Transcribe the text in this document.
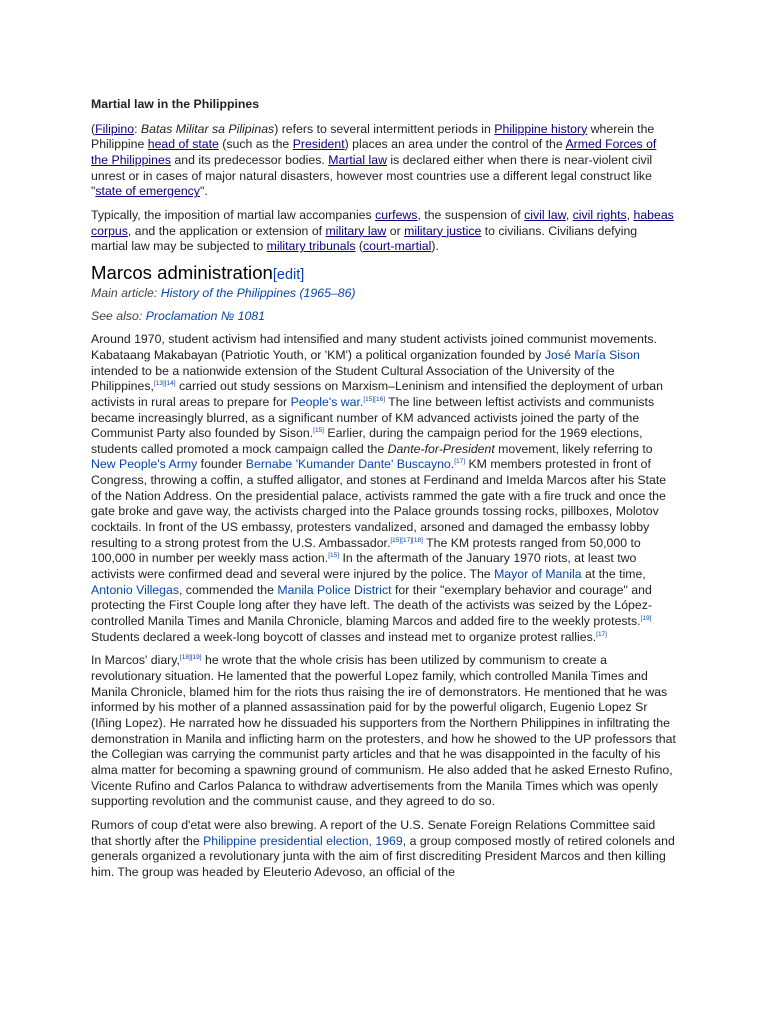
Martial law in the Philippines

(Filipino: Batas Militar sa Pilipinas) refers to several intermittent periods in Philippine history wherein the Philippine head of state (such as the President) places an area under the control of the Armed Forces of the Philippines and its predecessor bodies. Martial law is declared either when there is near-violent civil unrest or in cases of major natural disasters, however most countries use a different legal construct like "state of emergency".

Typically, the imposition of martial law accompanies curfews, the suspension of civil law, civil rights, habeas corpus, and the application or extension of military law or military justice to civilians. Civilians defying martial law may be subjected to military tribunals (court-martial).

Marcos administration[edit]

Main article: History of the Philippines (1965–86)

See also: Proclamation № 1081

Around 1970, student activism had intensified and many student activists joined communist movements. Kabataang Makabayan (Patriotic Youth, or 'KM') a political organization founded by José María Sison intended to be a nationwide extension of the Student Cultural Association of the University of the Philippines,[13][14] carried out study sessions on Marxism–Leninism and intensified the deployment of urban activists in rural areas to prepare for People's war.[15][16] The line between leftist activists and communists became increasingly blurred, as a significant number of KM advanced activists joined the party of the Communist Party also founded by Sison.[15] Earlier, during the campaign period for the 1969 elections, students called promoted a mock campaign called the Dante-for-President movement, likely referring to New People's Army founder Bernabe 'Kumander Dante' Buscayno.[17] KM members protested in front of Congress, throwing a coffin, a stuffed alligator, and stones at Ferdinand and Imelda Marcos after his State of the Nation Address. On the presidential palace, activists rammed the gate with a fire truck and once the gate broke and gave way, the activists charged into the Palace grounds tossing rocks, pillboxes, Molotov cocktails. In front of the US embassy, protesters vandalized, arsoned and damaged the embassy lobby resulting to a strong protest from the U.S. Ambassador.[15][17][18] The KM protests ranged from 50,000 to 100,000 in number per weekly mass action.[15] In the aftermath of the January 1970 riots, at least two activists were confirmed dead and several were injured by the police. The Mayor of Manila at the time, Antonio Villegas, commended the Manila Police District for their "exemplary behavior and courage" and protecting the First Couple long after they have left. The death of the activists was seized by the López-controlled Manila Times and Manila Chronicle, blaming Marcos and added fire to the weekly protests.[19] Students declared a week-long boycott of classes and instead met to organize protest rallies.[17]

In Marcos' diary,[18][19] he wrote that the whole crisis has been utilized by communism to create a revolutionary situation. He lamented that the powerful Lopez family, which controlled Manila Times and Manila Chronicle, blamed him for the riots thus raising the ire of demonstrators. He mentioned that he was informed by his mother of a planned assassination paid for by the powerful oligarch, Eugenio Lopez Sr (Iñing Lopez). He narrated how he dissuaded his supporters from the Northern Philippines in infiltrating the demonstration in Manila and inflicting harm on the protesters, and how he showed to the UP professors that the Collegian was carrying the communist party articles and that he was disappointed in the faculty of his alma matter for becoming a spawning ground of communism. He also added that he asked Ernesto Rufino, Vicente Rufino and Carlos Palanca to withdraw advertisements from the Manila Times which was openly supporting revolution and the communist cause, and they agreed to do so.

Rumors of coup d'etat were also brewing. A report of the U.S. Senate Foreign Relations Committee said that shortly after the Philippine presidential election, 1969, a group composed mostly of retired colonels and generals organized a revolutionary junta with the aim of first discrediting President Marcos and then killing him. The group was headed by Eleuterio Adevoso, an official of the
